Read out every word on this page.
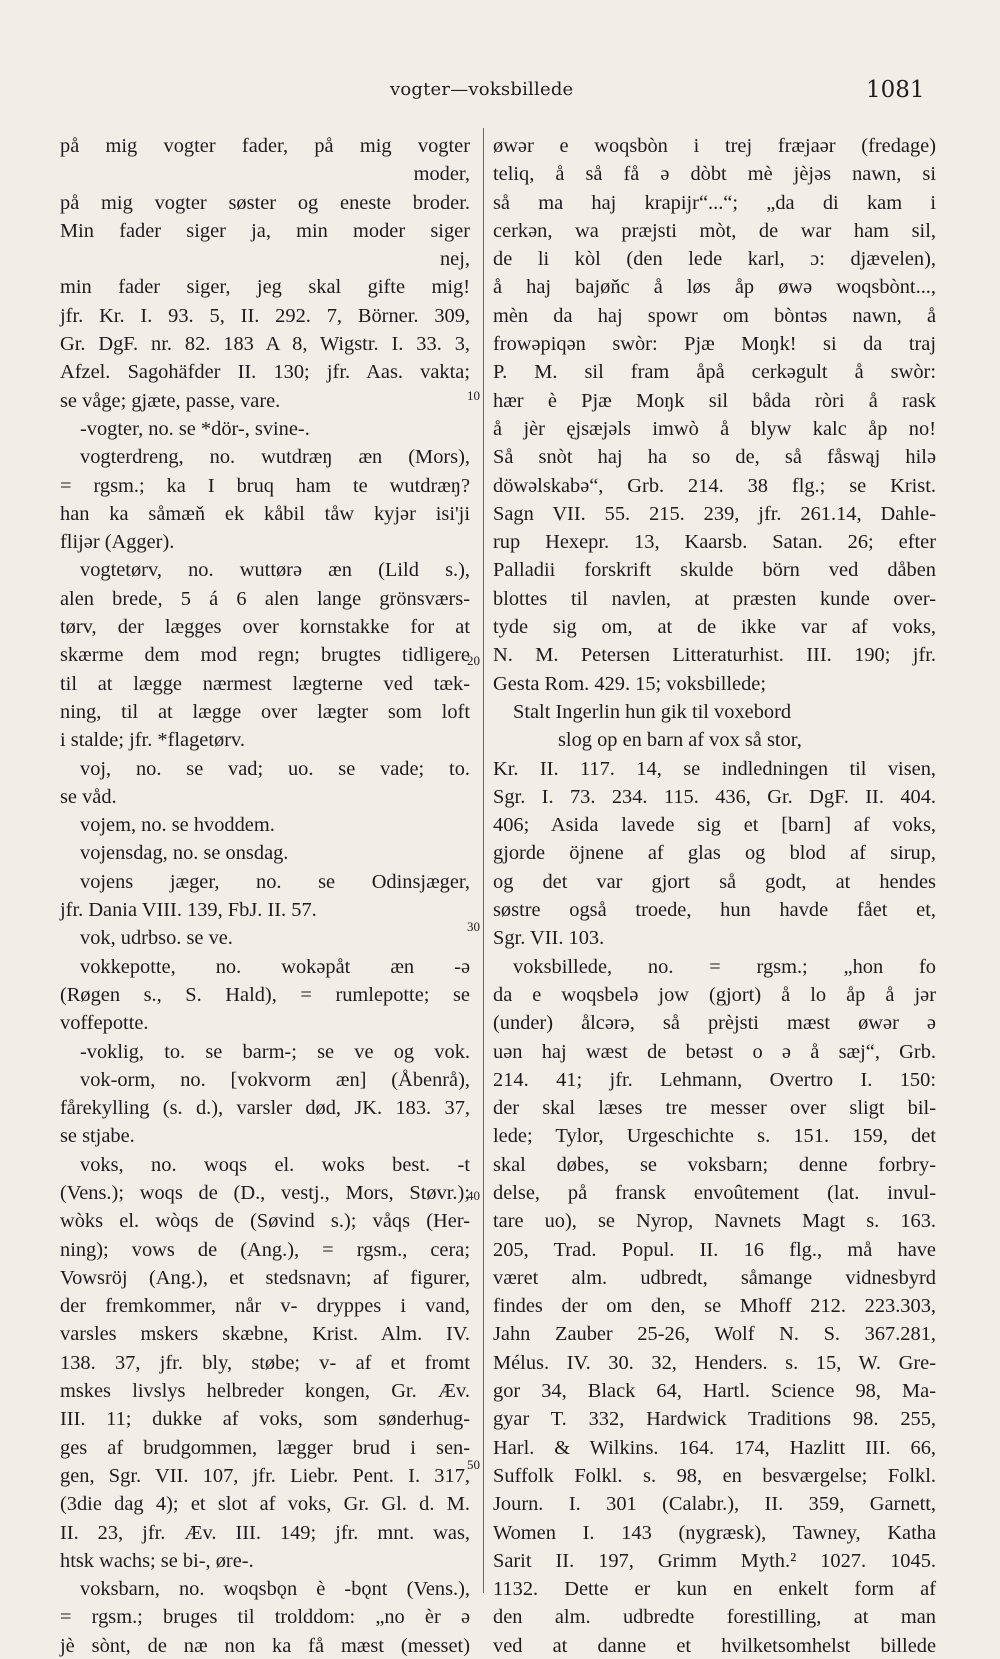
vogter—voksbillede	1081
10
20
30
40
50
på mig vogter fader, på mig vogter
moder,
på mig vogter søster og eneste broder.
Min fader siger ja, min moder siger
nej,
min fader siger, jeg skal gifte mig!
jfr. Kr. I. 93. 5, II. 292. 7, Börner. 309,
Gr. DgF. nr. 82. 183 A 8, Wigstr. I. 33. 3,
Afzel. Sagohäfder II. 130; jfr. Aas. vakta;
se våge; gjæte, passe, vare.
-vogter, no. se *dör-, svine-.
vogterdreng, no. wutdræŋ æn (Mors),
= rgsm.; ka I bruq ham te wutdræŋ?
han ka såmæň ek kåbil tåw kyjər isi'ji
flijər (Agger).
vogtetørv, no. wuttørə æn (Lild s.),
alen brede, 5 á 6 alen lange grönsværs-
tørv, der lægges over kornstakke for at
skærme dem mod regn; brugtes tidligere
til at lægge nærmest lægterne ved tæk-
ning, til at lægge over lægter som loft
i stalde; jfr. *flagetørv.
voj, no. se vad; uo. se vade; to.
se våd.
vojem, no. se hvoddem.
vojensdag, no. se onsdag.
vojens jæger, no. se Odinsjæger,
jfr. Dania VIII. 139, FbJ. II. 57.
vok, udrbso. se ve.
vokkepotte, no. wokəpåt æn -ə
(Røgen s., S. Hald), = rumlepotte; se
voffepotte.
-voklig, to. se barm-; se ve og vok.
vok-orm, no. [vokvorm æn] (Åbenrå),
fårekylling (s. d.), varsler død, JK. 183. 37,
se stjabe.
voks, no. woqs el. woks best. -t
(Vens.); woqs de (D., vestj., Mors, Støvr.);
wòks el. wòqs de (Søvind s.); våqs (Her-
ning); vows de (Ang.), = rgsm., cera;
Vowsröj (Ang.), et stedsnavn; af figurer,
der fremkommer, når v- dryppes i vand,
varsles mskers skæbne, Krist. Alm. IV.
138. 37, jfr. bly, støbe; v- af et fromt
mskes livslys helbreder kongen, Gr. Æv.
III. 11; dukke af voks, som sønderhug-
ges af brudgommen, lægger brud i sen-
gen, Sgr. VII. 107, jfr. Liebr. Pent. I. 317,
(3die dag 4); et slot af voks, Gr. Gl. d. M.
II. 23, jfr. Æv. III. 149; jfr. mnt. was,
htsk wachs; se bi-, øre-.
voksbarn, no. woqsbǫn è -bǫnt (Vens.),
= rgsm.; bruges til trolddom: „no èr ə
jè sònt, de næ non ka få mæst (messet)
øwər e woqsbòn i trej fræjaər (fredage)
teliq, å så få ə dòbt mè jèjəs nawn, si
så ma haj krapijr“...“; „da di kam i
cerkən, wa præjsti mòt, de war ham sil,
de li kòl (den lede karl, ɔ: djævelen),
å haj bajøňc å løs åp øwə woqsbònt...,
mèn da haj spowr om bòntəs nawn, å
frowəpiqən swòr: Pjæ Moŋk! si da traj
P. M. sil fram åpå cerkəgult å swòr:
hær è Pjæ Moŋk sil båda ròri å rask
å jèr ęjsæjəls imwò å blyw kalc åp no!
Så snòt haj ha so de, så fåswąj hilə
döwəlskabə“, Grb. 214. 38 flg.; se Krist.
Sagn VII. 55. 215. 239, jfr. 261.14, Dahle-
rup Hexepr. 13, Kaarsb. Satan. 26; efter
Palladii forskrift skulde börn ved dåben
blottes til navlen, at præsten kunde over-
tyde sig om, at de ikke var af voks,
N. M. Petersen Litteraturhist. III. 190; jfr.
Gesta Rom. 429. 15; voksbillede;
Stalt Ingerlin hun gik til voxebord
slog op en barn af vox så stor,
Kr. II. 117. 14, se indledningen til visen,
Sgr. I. 73. 234. 115. 436, Gr. DgF. II. 404.
406; Asida lavede sig et [barn] af voks,
gjorde öjnene af glas og blod af sirup,
og det var gjort så godt, at hendes
søstre også troede, hun havde fået et,
Sgr. VII. 103.
voksbillede, no. = rgsm.; „hon fo
da e woqsbelə jow (gjort) å lo åp å jər
(under) ålcərə, så prèjsti mæst øwər ə
uən haj wæst de betəst o ə å sæj“, Grb.
214. 41; jfr. Lehmann, Overtro I. 150:
der skal læses tre messer over sligt bil-
lede; Tylor, Urgeschichte s. 151. 159, det
skal døbes, se voksbarn; denne forbry-
delse, på fransk envoûtement (lat. invul-
tare uo), se Nyrop, Navnets Magt s. 163.
205, Trad. Popul. II. 16 flg., må have
været alm. udbredt, såmange vidnesbyrd
findes der om den, se Mhoff 212. 223.303,
Jahn Zauber 25-26, Wolf N. S. 367.281,
Mélus. IV. 30. 32, Henders. s. 15, W. Gre-
gor 34, Black 64, Hartl. Science 98, Ma-
gyar T. 332, Hardwick Traditions 98. 255,
Harl. & Wilkins. 164. 174, Hazlitt III. 66,
Suffolk Folkl. s. 98, en besværgelse; Folkl.
Journ. I. 301 (Calabr.), II. 359, Garnett,
Women I. 143 (nygræsk), Tawney, Katha
Sarit II. 197, Grimm Myth.² 1027. 1045.
1132. Dette er kun en enkelt form af
den alm. udbredte forestilling, at man
ved at danne et hvilketsomhelst billede
